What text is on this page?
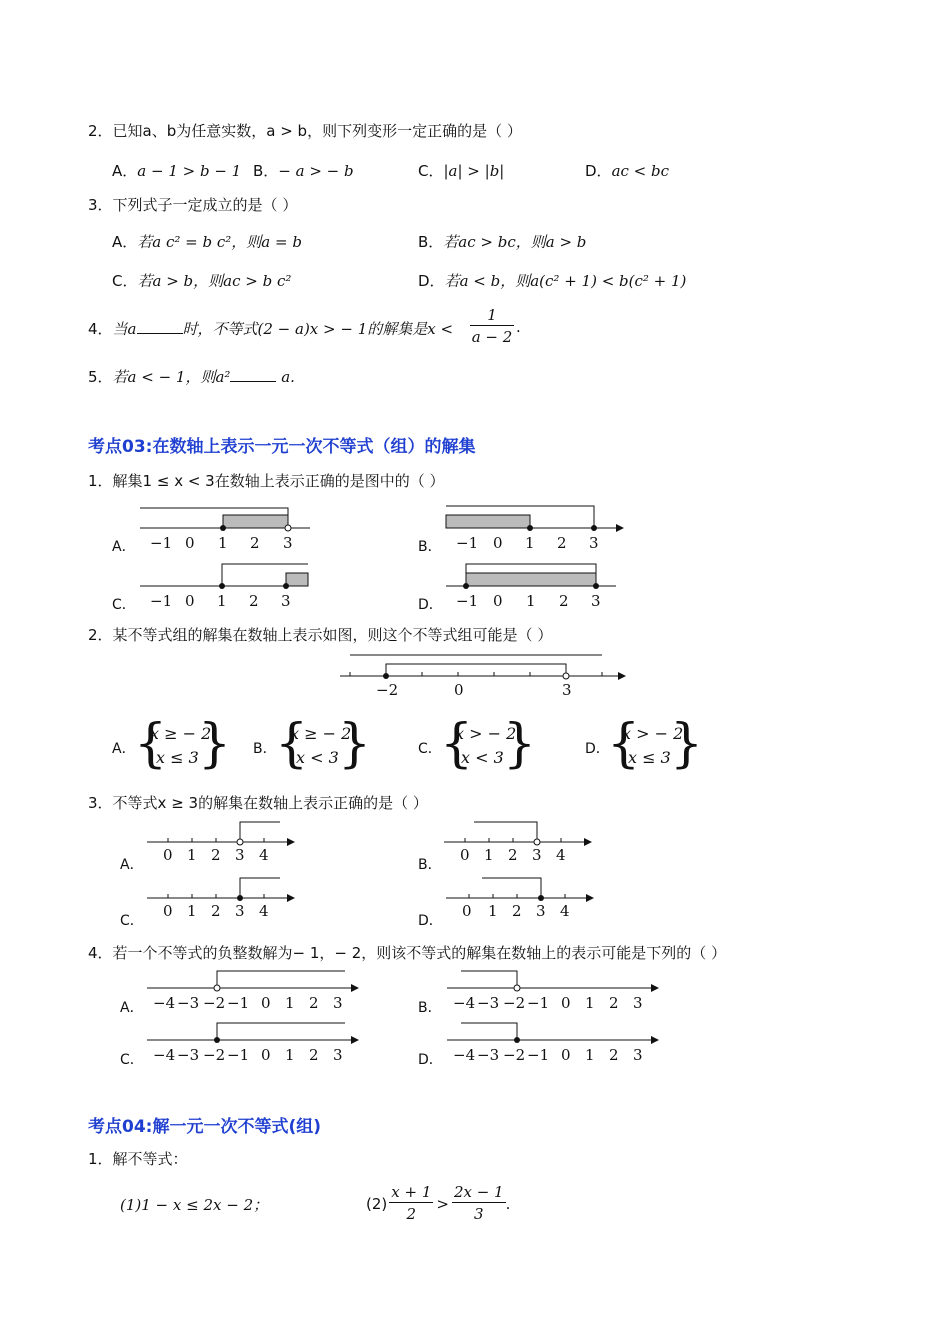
2．已知a、b为任意实数，a > b，则下列变形一定正确的是（ ）
A．a − 1 > b − 1 B．− a > − b	C．|a| > |b|	D．ac < bc
3．下列式子一定成立的是（ ）
A．若a c² = b c²，则a = b	B．若ac > bc，则a > b
C．若a > b，则ac > b c²	D．若a < b，则a(c² + 1) < b(c² + 1)
4．当a	时，不等式(2 − a)x > − 1的解集是x <
1
a − 2
.
5．若a < − 1，则a²	a.
考点03:在数轴上表示一元一次不等式（组）的解集
1．解集1 ≤ x < 3在数轴上表示正确的是图中的（ ）
A．	B．
C．	D．
−1 0 1 2 3	−1 0 1 2 3
−1 0 1 2 3	−1 0 1 2 3
2．某不等式组的解集在数轴上表示如图，则这个不等式组可能是（ ）
−2	0	3
A．
{
x ≥ − 2
x ≤ 3 } B．
{
x ≥ − 2
x < 3 }	C．
{
x > − 2
x < 3 }	D．
{
x > − 2
x ≤ 3 }
3．不等式x ≥ 3的解集在数轴上表示正确的是（ ）
A．	B．
C．	D．
0 1 2 3 4	0 1 2 3 4
0 1 2 3 4	0 1 2 3 4
4．若一个不等式的负整数解为− 1，− 2，则该不等式的解集在数轴上的表示可能是下列的（ ）
A．	B．
C．	D．
−4 −3 −2 −1 0 1 2 3	−4 −3 −2 −1 0 1 2 3
−4 −3 −2 −1 0 1 2 3	−4 −3 −2 −1 0 1 2 3
考点04:解一元一次不等式(组)
1．解不等式：
(1)1 − x ≤ 2x − 2；	(2)
x + 1
2
>
2x − 1
3
.
